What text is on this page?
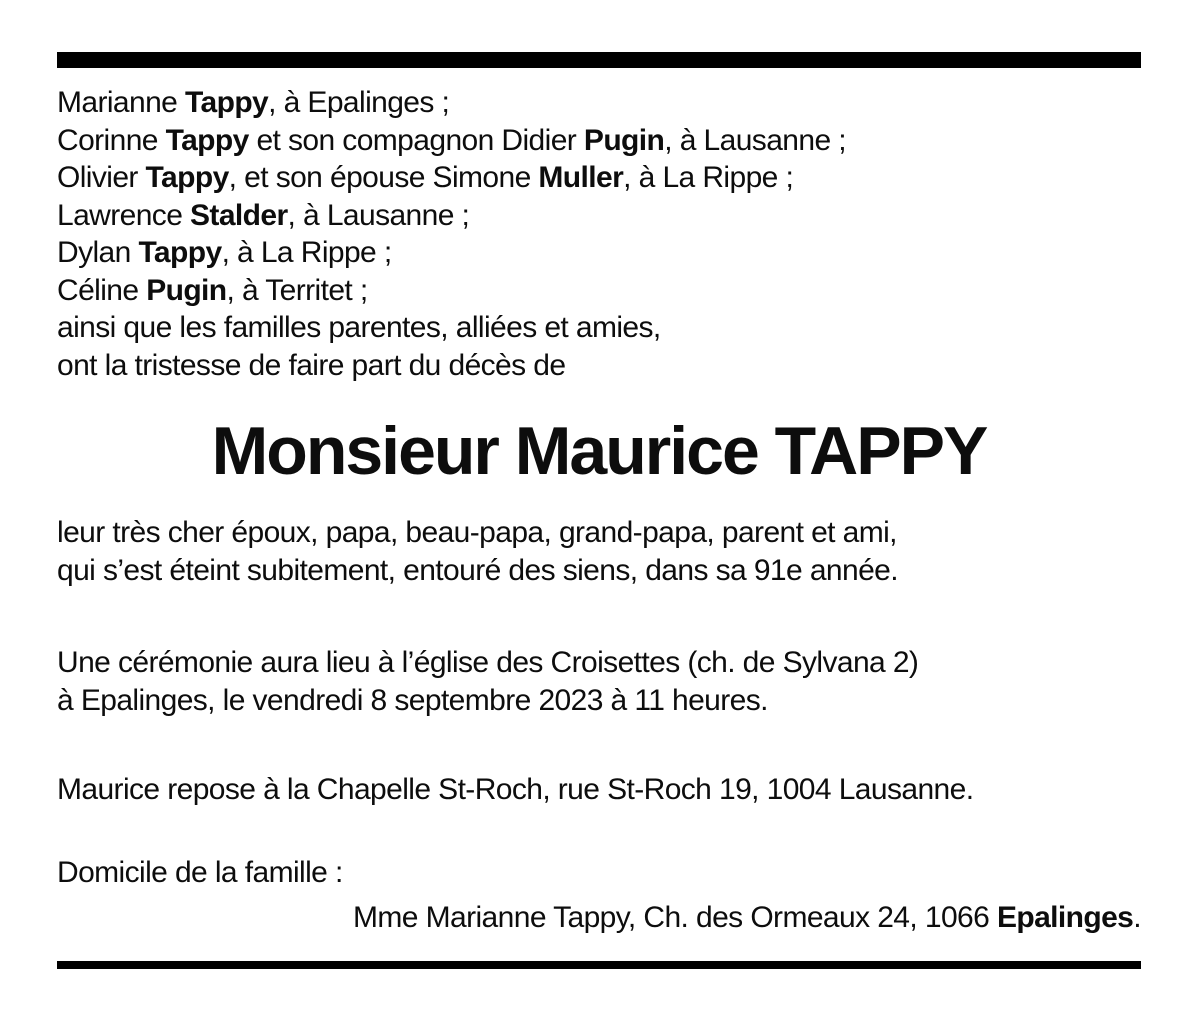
Marianne Tappy, à Epalinges ;
Corinne Tappy et son compagnon Didier Pugin, à Lausanne ;
Olivier Tappy, et son épouse Simone Muller, à La Rippe ;
Lawrence Stalder, à Lausanne ;
Dylan Tappy, à La Rippe ;
Céline Pugin, à Territet ;
ainsi que les familles parentes, alliées et amies,
ont la tristesse de faire part du décès de
Monsieur Maurice TAPPY
leur très cher époux, papa, beau-papa, grand-papa, parent et ami,
qui s’est éteint subitement, entouré des siens, dans sa 91e année.
Une cérémonie aura lieu à l’église des Croisettes (ch. de Sylvana 2)
à Epalinges, le vendredi 8 septembre 2023 à 11 heures.
Maurice repose à la Chapelle St-Roch, rue St-Roch 19, 1004 Lausanne.
Domicile de la famille :
Mme Marianne Tappy, Ch. des Ormeaux 24, 1066 Epalinges.
